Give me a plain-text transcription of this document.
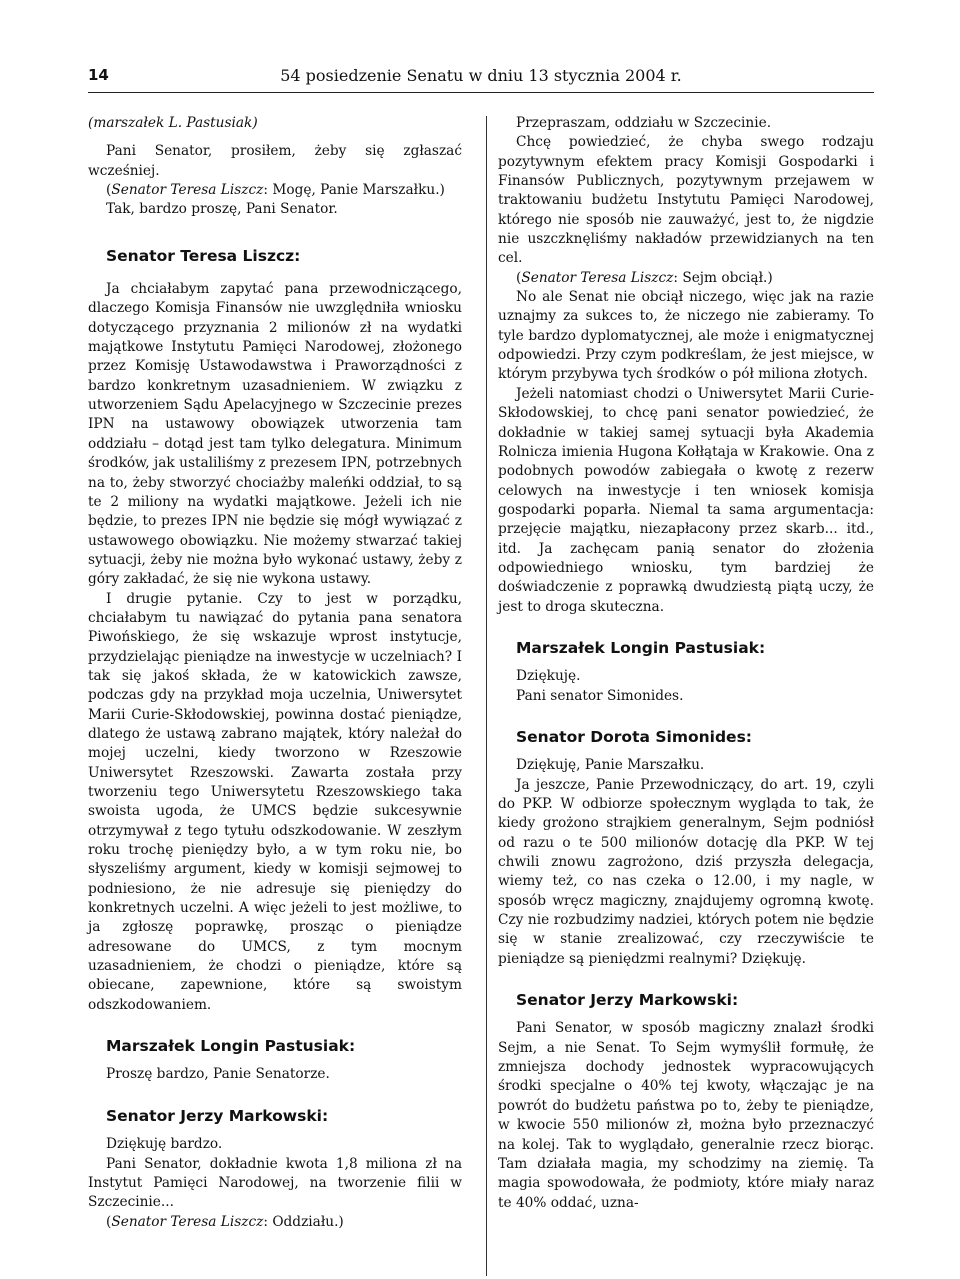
14	54 posiedzenie Senatu w dniu 13 stycznia 2004 r.

(marszałek L. Pastusiak)

Pani Senator, prosiłem, żeby się zgłaszać wcześniej.

(Senator Teresa Liszcz: Mogę, Panie Marszałku.)

Tak, bardzo proszę, Pani Senator.

Senator Teresa Liszcz:

Ja chciałabym zapytać pana przewodniczącego, dlaczego Komisja Finansów nie uwzględniła wniosku dotyczącego przyznania 2 milionów zł na wydatki majątkowe Instytutu Pamięci Narodowej, złożonego przez Komisję Ustawodawstwa i Praworządności z bardzo konkretnym uzasadnieniem. W związku z utworzeniem Sądu Apelacyjnego w Szczecinie prezes IPN na ustawowy obowiązek utworzenia tam oddziału – dotąd jest tam tylko delegatura. Minimum środków, jak ustaliliśmy z prezesem IPN, potrzebnych na to, żeby stworzyć chociażby maleńki oddział, to są te 2 miliony na wydatki majątkowe. Jeżeli ich nie będzie, to prezes IPN nie będzie się mógł wywiązać z ustawowego obowiązku. Nie możemy stwarzać takiej sytuacji, żeby nie można było wykonać ustawy, żeby z góry zakładać, że się nie wykona ustawy.

I drugie pytanie. Czy to jest w porządku, chciałabym tu nawiązać do pytania pana senatora Piwońskiego, że się wskazuje wprost instytucje, przydzielając pieniądze na inwestycje w uczelniach? I tak się jakoś składa, że w katowickich zawsze, podczas gdy na przykład moja uczelnia, Uniwersytet Marii Curie-Skłodowskiej, powinna dostać pieniądze, dlatego że ustawą zabrano majątek, który należał do mojej uczelni, kiedy tworzono w Rzeszowie Uniwersytet Rzeszowski. Zawarta została przy tworzeniu tego Uniwersytetu Rzeszowskiego taka swoista ugoda, że UMCS będzie sukcesywnie otrzymywał z tego tytułu odszkodowanie. W zeszłym roku trochę pieniędzy było, a w tym roku nie, bo słyszeliśmy argument, kiedy w komisji sejmowej to podniesiono, że nie adresuje się pieniędzy do konkretnych uczelni. A więc jeżeli to jest możliwe, to ja zgłoszę poprawkę, prosząc o pieniądze adresowane do UMCS, z tym mocnym uzasadnieniem, że chodzi o pieniądze, które są obiecane, zapewnione, które są swoistym odszkodowaniem.

Marszałek Longin Pastusiak:

Proszę bardzo, Panie Senatorze.

Senator Jerzy Markowski:

Dziękuję bardzo.

Pani Senator, dokładnie kwota 1,8 miliona zł na Instytut Pamięci Narodowej, na tworzenie filii w Szczecinie...

(Senator Teresa Liszcz: Oddziału.)

Przepraszam, oddziału w Szczecinie.

Chcę powiedzieć, że chyba swego rodzaju pozytywnym efektem pracy Komisji Gospodarki i Finansów Publicznych, pozytywnym przejawem w traktowaniu budżetu Instytutu Pamięci Narodowej, którego nie sposób nie zauważyć, jest to, że nigdzie nie uszczknęliśmy nakładów przewidzianych na ten cel.

(Senator Teresa Liszcz: Sejm obciął.)

No ale Senat nie obciął niczego, więc jak na razie uznajmy za sukces to, że niczego nie zabieramy. To tyle bardzo dyplomatycznej, ale może i enigmatycznej odpowiedzi. Przy czym podkreślam, że jest miejsce, w którym przybywa tych środków o pół miliona złotych.

Jeżeli natomiast chodzi o Uniwersytet Marii Curie-Skłodowskiej, to chcę pani senator powiedzieć, że dokładnie w takiej samej sytuacji była Akademia Rolnicza imienia Hugona Kołłątaja w Krakowie. Ona z podobnych powodów zabiegała o kwotę z rezerw celowych na inwestycje i ten wniosek komisja gospodarki poparła. Niemal ta sama argumentacja: przejęcie majątku, niezapłacony przez skarb... itd., itd. Ja zachęcam panią senator do złożenia odpowiedniego wniosku, tym bardziej że doświadczenie z poprawką dwudziestą piątą uczy, że jest to droga skuteczna.

Marszałek Longin Pastusiak:

Dziękuję.

Pani senator Simonides.

Senator Dorota Simonides:

Dziękuję, Panie Marszałku.

Ja jeszcze, Panie Przewodniczący, do art. 19, czyli do PKP. W odbiorze społecznym wygląda to tak, że kiedy grożono strajkiem generalnym, Sejm podniósł od razu o te 500 milionów dotację dla PKP. W tej chwili znowu zagrożono, dziś przyszła delegacja, wiemy też, co nas czeka o 12.00, i my nagle, w sposób wręcz magiczny, znajdujemy ogromną kwotę. Czy nie rozbudzimy nadziei, których potem nie będzie się w stanie zrealizować, czy rzeczywiście te pieniądze są pieniędzmi realnymi? Dziękuję.

Senator Jerzy Markowski:

Pani Senator, w sposób magiczny znalazł środki Sejm, a nie Senat. To Sejm wymyślił formułę, że zmniejsza dochody jednostek wypracowujących środki specjalne o 40% tej kwoty, włączając je na powrót do budżetu państwa po to, żeby te pieniądze, w kwocie 550 milionów zł, można było przeznaczyć na kolej. Tak to wyglądało, generalnie rzecz biorąc. Tam działała magia, my schodzimy na ziemię. Ta magia spowodowała, że podmioty, które miały naraz te 40% oddać, uzna-
